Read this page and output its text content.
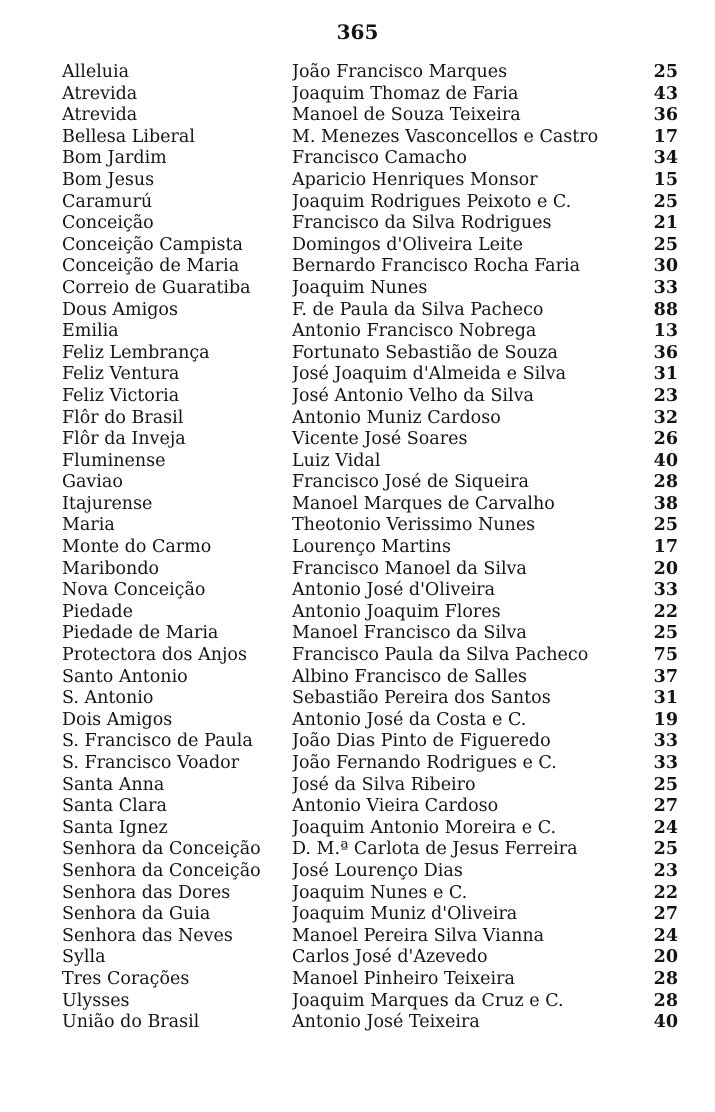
365
Alleluia	João Francisco Marques	25
Atrevida	Joaquim Thomaz de Faria	43
Atrevida	Manoel de Souza Teixeira	36
Bellesa Liberal	M. Menezes Vasconcellos e Castro	17
Bom Jardim	Francisco Camacho	34
Bom Jesus	Aparicio Henriques Monsor	15
Caramurú	Joaquim Rodrigues Peixoto e C.	25
Conceição	Francisco da Silva Rodrigues	21
Conceição Campista	Domingos d'Oliveira Leite	25
Conceição de Maria	Bernardo Francisco Rocha Faria	30
Correio de Guaratiba	Joaquim Nunes	33
Dous Amigos	F. de Paula da Silva Pacheco	88
Emilia	Antonio Francisco Nobrega	13
Feliz Lembrança	Fortunato Sebastião de Souza	36
Feliz Ventura	José Joaquim d'Almeida e Silva	31
Feliz Victoria	José Antonio Velho da Silva	23
Flôr do Brasil	Antonio Muniz Cardoso	32
Flôr da Inveja	Vicente José Soares	26
Fluminense	Luiz Vidal	40
Gaviao	Francisco José de Siqueira	28
Itajurense	Manoel Marques de Carvalho	38
Maria	Theotonio Verissimo Nunes	25
Monte do Carmo	Lourenço Martins	17
Maribondo	Francisco Manoel da Silva	20
Nova Conceição	Antonio José d'Oliveira	33
Piedade	Antonio Joaquim Flores	22
Piedade de Maria	Manoel Francisco da Silva	25
Protectora dos Anjos	Francisco Paula da Silva Pacheco	75
Santo Antonio	Albino Francisco de Salles	37
S. Antonio	Sebastião Pereira dos Santos	31
Dois Amigos	Antonio José da Costa e C.	19
S. Francisco de Paula	João Dias Pinto de Figueredo	33
S. Francisco Voador	João Fernando Rodrigues e C.	33
Santa Anna	José da Silva Ribeiro	25
Santa Clara	Antonio Vieira Cardoso	27
Santa Ignez	Joaquim Antonio Moreira e C.	24
Senhora da Conceição	D. M.ª Carlota de Jesus Ferreira	25
Senhora da Conceição	José Lourenço Dias	23
Senhora das Dores	Joaquim Nunes e C.	22
Senhora da Guia	Joaquim Muniz d'Oliveira	27
Senhora das Neves	Manoel Pereira Silva Vianna	24
Sylla	Carlos José d'Azevedo	20
Tres Corações	Manoel Pinheiro Teixeira	28
Ulysses	Joaquim Marques da Cruz e C.	28
União do Brasil	Antonio José Teixeira	40
